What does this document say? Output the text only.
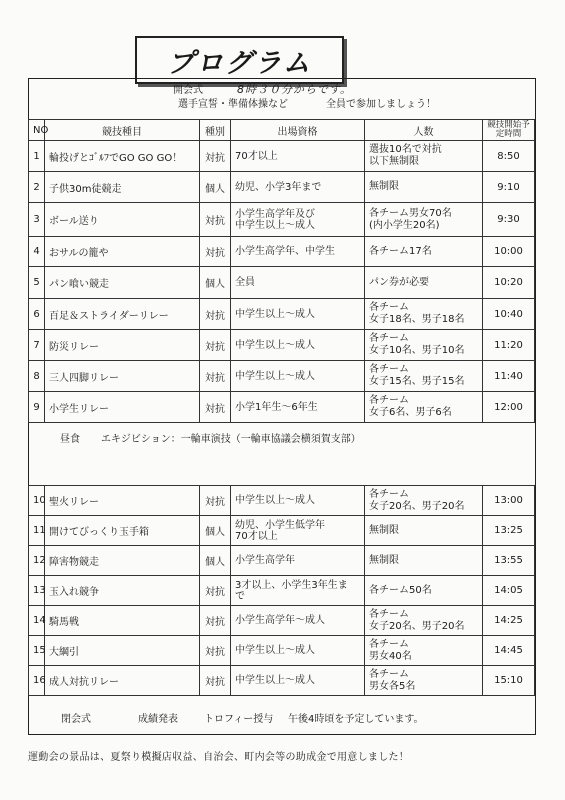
プログラム
開会式	8時３０分からです。
選手宣誓・準備体操など	全員で参加しましょう！
NO	競技種目	種別	出場資格	人数	競技開始予定時間
1	輪投げとｺﾞﾙﾌでGO GO GO！	対抗	70才以上	選抜10名で対抗
以下無制限	8:50
2	子供30m徒競走	個人	幼児、小学3年まで	無制限	9:10
3	ボール送り	対抗	小学生高学年及び
中学生以上～成人	各チーム男女70名
(内小学生20名)	9:30
4	おサルの籠や	対抗	小学生高学年、中学生	各チーム17名	10:00
5	パン喰い競走	個人	全員	パン券が必要	10:20
6	百足＆ストライダーリレー	対抗	中学生以上～成人	各チーム
女子18名、男子18名	10:40
7	防災リレー	対抗	中学生以上～成人	各チーム
女子10名、男子10名	11:20
8	三人四脚リレー	対抗	中学生以上～成人	各チーム
女子15名、男子15名	11:40
9	小学生リレー	対抗	小学1年生～6年生	各チーム
女子6名、男子6名	12:00
昼食 エキジビション：一輪車演技（一輪車協議会横須賀支部）
10	聖火リレー	対抗	中学生以上～成人	各チーム
女子20名、男子20名	13:00
11	開けてびっくり玉手箱	個人	幼児、小学生低学年
70才以上	無制限	13:25
12	障害物競走	個人	小学生高学年	無制限	13:55
13	玉入れ競争	対抗	3才以上、小学生3年生ま
で	各チーム50名	14:05
14	騎馬戦	対抗	小学生高学年～成人	各チーム
女子20名、男子20名	14:25
15	大綱引	対抗	中学生以上～成人	各チーム
男女40名	14:45
16	成人対抗リレー	対抗	中学生以上～成人	各チーム
男女各5名	15:10
閉会式	成績発表	トロフィー授与 午後4時頃を予定しています。
運動会の景品は、夏祭り模擬店収益、自治会、町内会等の助成金で用意しました！
